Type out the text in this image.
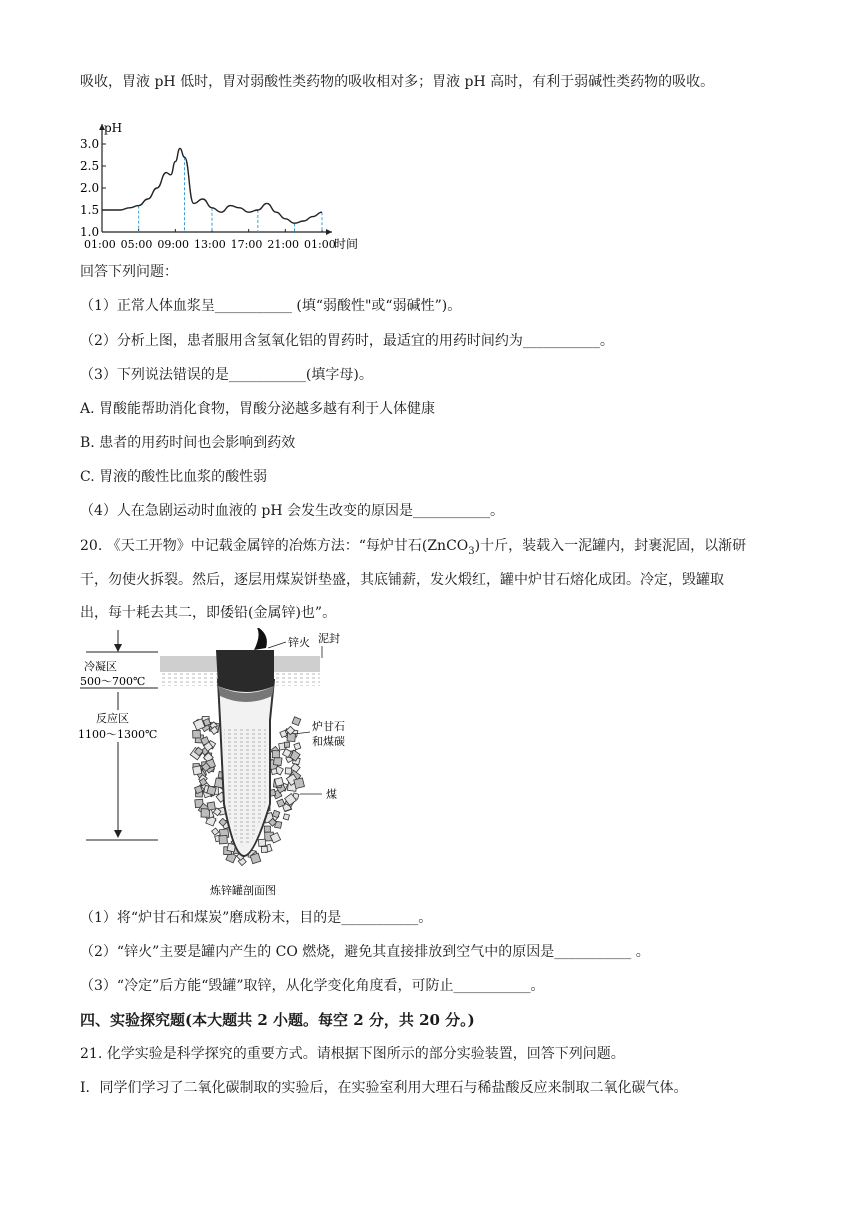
吸收，胃液 pH 低时，胃对弱酸性类药物的吸收相对多；胃液 pH 高时，有利于弱碱性类药物的吸收。
pH
时间
1.0
1.5
2.0
2.5
3.0
01:00 05:00 09:00 13:00 17:00 21:00 01:00
回答下列问题：
（1）正常人体血浆呈___________ (填“弱酸性"或“弱碱性”)。
（2）分析上图，患者服用含氢氧化铝的胃药时，最适宜的用药时间约为___________。
（3）下列说法错误的是___________(填字母)。
A. 胃酸能帮助消化食物，胃酸分泌越多越有利于人体健康
B. 患者的用药时间也会影响到药效
C. 胃液的酸性比血浆的酸性弱
（4）人在急剧运动时血液的 pH 会发生改变的原因是___________。
20. 《天工开物》中记载金属锌的冶炼方法：“每炉甘石(ZnCO$_3$)十斤，装载入一泥罐内，封裹泥固，以渐研
干，勿使火拆裂。然后，逐层用煤炭饼垫盛，其底铺薪，发火煅红，罐中炉甘石熔化成团。冷定，毁罐取
出，每十耗去其二，即倭铅(金属锌)也”。
冷凝区
500～700℃
反应区
1100～1300℃
锌火 泥封
炉甘石
和煤碳
煤
炼锌罐剖面图
（1）将“炉甘石和煤炭”磨成粉末，目的是___________。
（2）“锌火”主要是罐内产生的 CO 燃烧，避免其直接排放到空气中的原因是___________ 。
（3）“冷定”后方能“毁罐”取锌，从化学变化角度看，可防止___________。
四、实验探究题(本大题共 2 小题。每空 2 分，共 20 分。)
21. 化学实验是科学探究的重要方式。请根据下图所示的部分实验装置，回答下列问题。
Ⅰ．同学们学习了二氧化碳制取的实验后，在实验室利用大理石与稀盐酸反应来制取二氧化碳气体。
